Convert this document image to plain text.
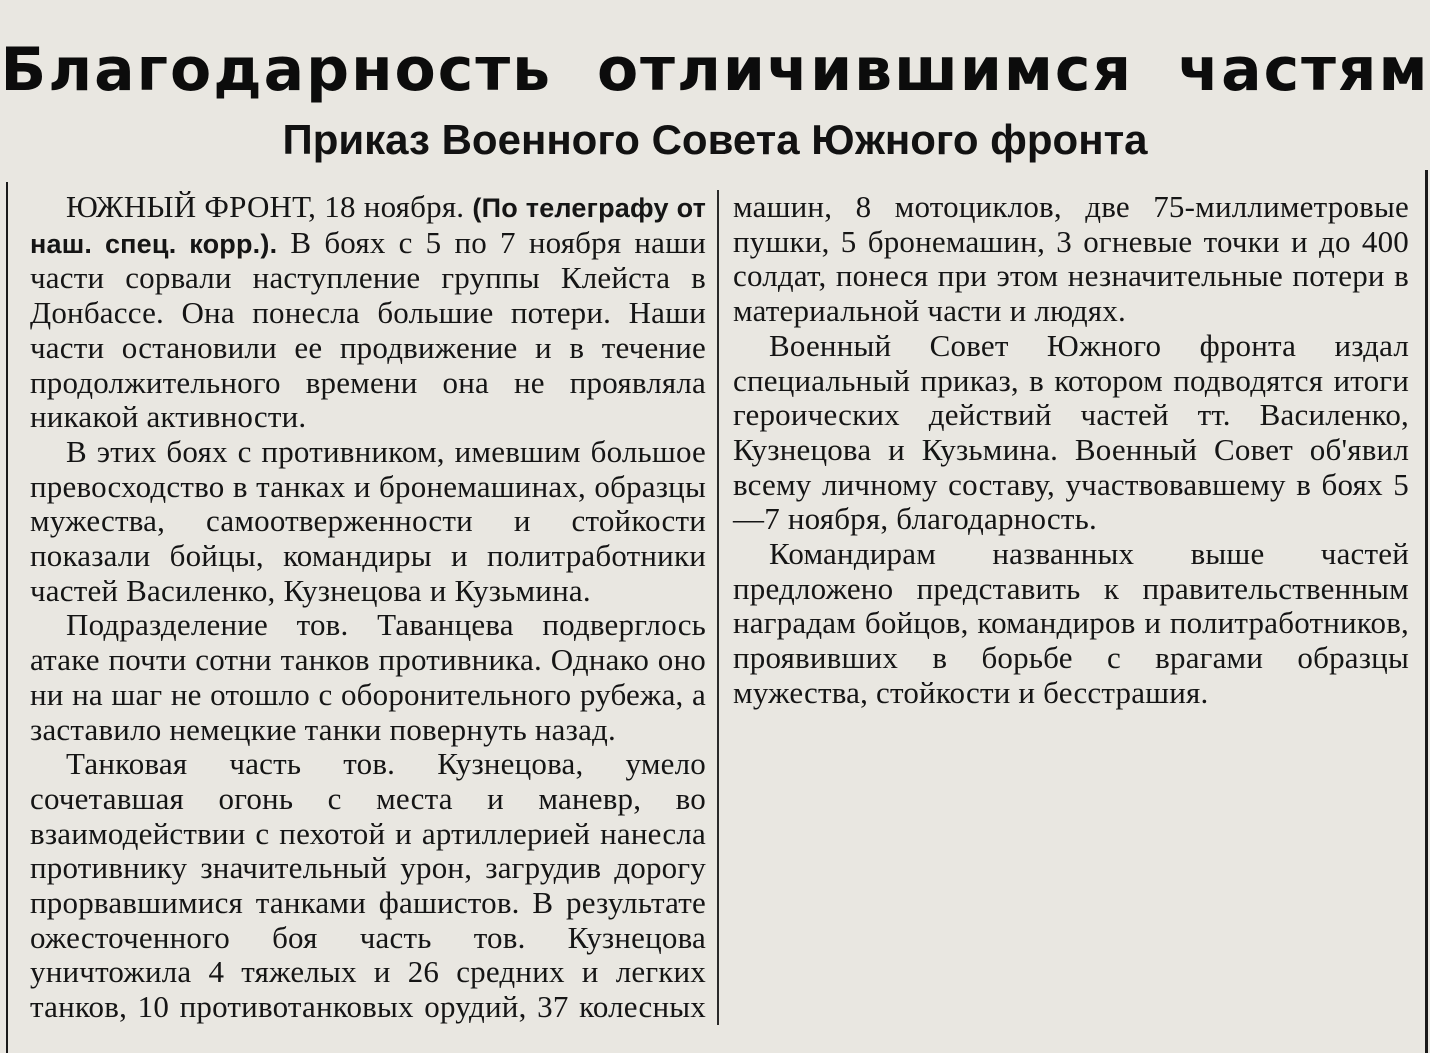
Благодарность отличившимся частям
Приказ Военного Совета Южного фронта

ЮЖНЫЙ ФРОНТ, 18 ноября. (По телеграфу от наш. спец. корр.). В боях с 5 по 7 ноября наши части сорвали наступление группы Клейста в Донбассе. Она понесла большие потери. Наши части остановили ее продвижение и в течение продолжительного времени она не проявляла никакой активности.

В этих боях с противником, имевшим большое превосходство в танках и бронемашинах, образцы мужества, самоотверженности и стойкости показали бойцы, командиры и политработники частей Василенко, Кузнецова и Кузьмина.

Подразделение тов. Таванцева подверглось атаке почти сотни танков противника. Однако оно ни на шаг не отошло с оборонительного рубежа, а заставило немецкие танки повернуть назад.

Танковая часть тов. Кузнецова, умело сочетавшая огонь с места и маневр, во взаимодействии с пехотой и артиллерией нанесла противнику значительный урон, загрудив дорогу прорвавшимися танками фашистов. В результате ожесточенного боя часть тов. Кузнецова уничтожила 4 тяжелых и 26 средних и легких танков, 10 противотанковых орудий, 37 колесных

машин, 8 мотоциклов, две 75-миллиметровые пушки, 5 бронемашин, 3 огневые точки и до 400 солдат, понеся при этом незначительные потери в материальной части и людях.

Военный Совет Южного фронта издал специальный приказ, в котором подводятся итоги героических действий частей тт. Василенко, Кузнецова и Кузьмина. Военный Совет об'явил всему личному составу, участвовавшему в боях 5—7 ноября, благодарность.

Командирам названных выше частей предложено представить к правительственным наградам бойцов, командиров и политработников, проявивших в борьбе с врагами образцы мужества, стойкости и бесстрашия.
